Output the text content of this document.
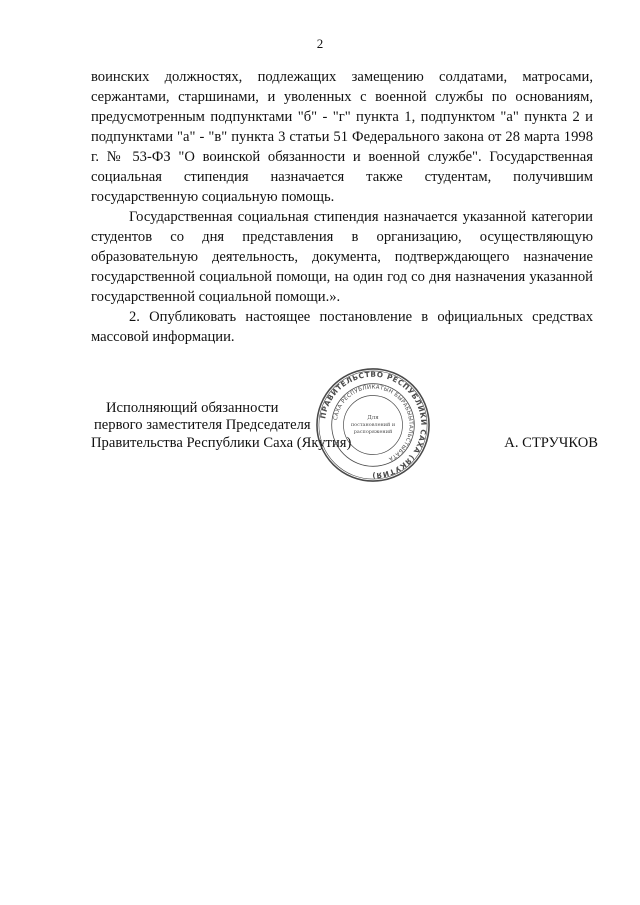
2

воинских должностях, подлежащих замещению солдатами, матросами, сержантами, старшинами, и уволенных с военной службы по основаниям, предусмотренным подпунктами "б" - "г" пункта 1, подпунктом "а" пункта 2 и подпунктами "а" - "в" пункта 3 статьи 51 Федерального закона от 28 марта 1998 г. № 53-ФЗ "О воинской обязанности и военной службе". Государственная социальная стипендия назначается также студентам, получившим государственную социальную помощь.

Государственная социальная стипендия назначается указанной категории студентов со дня представления в организацию, осуществляющую образовательную деятельность, документа, подтверждающего назначение государственной социальной помощи, на один год со дня назначения указанной государственной социальной помощи.».

2. Опубликовать настоящее постановление в официальных средствах массовой информации.

Исполняющий обязанности
первого заместителя Председателя
Правительства Республики Саха (Якутия)	А. СТРУЧКОВ
ПРАВИТЕЛЬСТВО РЕСПУБЛИКИ САХА (ЯКУТИЯ)
САХА РЕСПУБЛИКАТЫН БЫРАБЫЫТАЛЬСТЫБАТА
Для
постановлений и
распоряжений
